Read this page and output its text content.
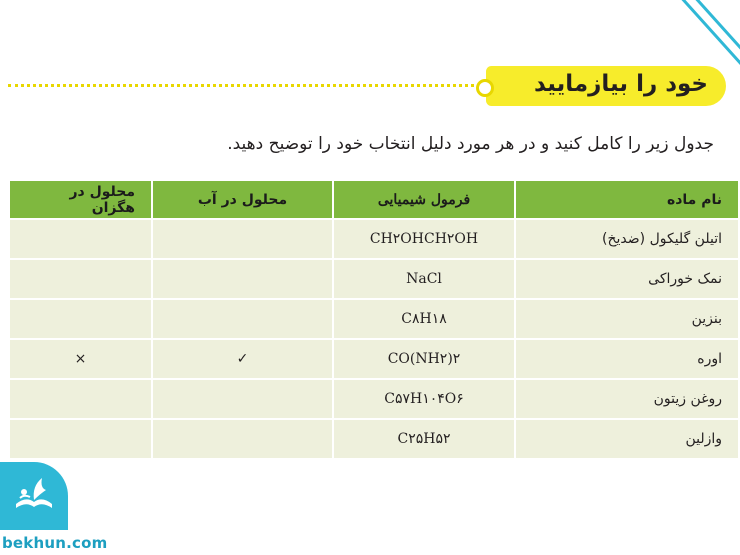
خود را بیازمایید
جدول زیر را کامل کنید و در هر مورد دلیل انتخاب خود را توضیح دهید.
نام ماده	فرمول شیمیایی	محلول در آب	محلول در هگزان
اتیلن گلیکول (ضدیخ)	CH۲OHCH۲OH		
نمک خوراکی	NaCl		
بنزین	C۸H۱۸		
اوره	CO(NH۲)۲	✓	×
روغن زیتون	C۵۷H۱۰۴O۶		
وازلین	C۲۵H۵۲		
bekhun.com
